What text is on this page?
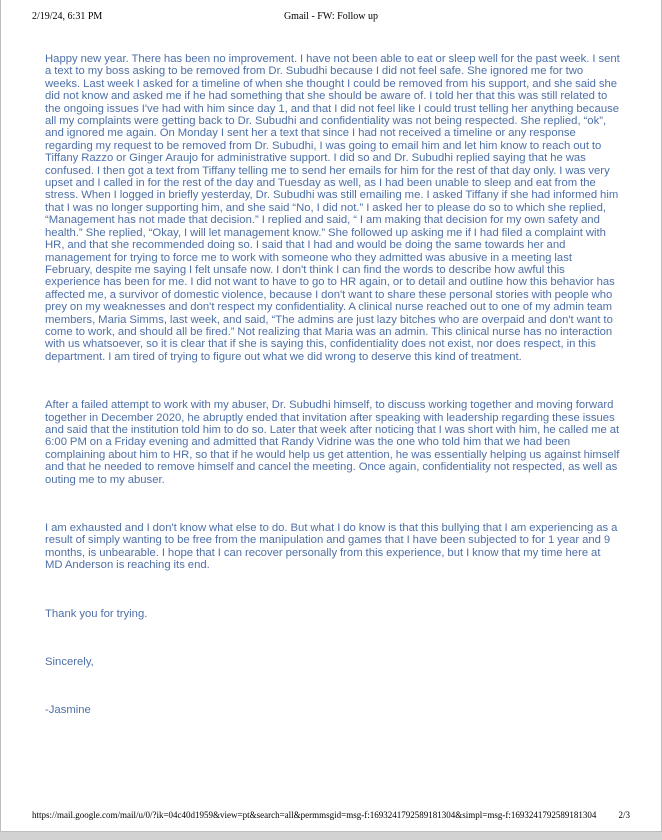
2/19/24, 6:31 PM	Gmail - FW: Follow up

Happy new year. There has been no improvement. I have not been able to eat or sleep well for the past week. I sent a text to my boss asking to be removed from Dr. Subudhi because I did not feel safe. She ignored me for two weeks. Last week I asked for a timeline of when she thought I could be removed from his support, and she said she did not know and asked me if he had something that she should be aware of. I told her that this was still related to the ongoing issues I've had with him since day 1, and that I did not feel like I could trust telling her anything because all my complaints were getting back to Dr. Subudhi and confidentiality was not being respected. She replied, “ok”, and ignored me again. On Monday I sent her a text that since I had not received a timeline or any response regarding my request to be removed from Dr. Subudhi, I was going to email him and let him know to reach out to Tiffany Razzo or Ginger Araujo for administrative support. I did so and Dr. Subudhi replied saying that he was confused. I then got a text from Tiffany telling me to send her emails for him for the rest of that day only. I was very upset and I called in for the rest of the day and Tuesday as well, as I had been unable to sleep and eat from the stress. When I logged in briefly yesterday, Dr. Subudhi was still emailing me. I asked Tiffany if she had informed him that I was no longer supporting him, and she said “No, I did not.” I asked her to please do so to which she replied, “Management has not made that decision.” I replied and said, “ I am making that decision for my own safety and health.” She replied, “Okay, I will let management know.” She followed up asking me if I had filed a complaint with HR, and that she recommended doing so. I said that I had and would be doing the same towards her and management for trying to force me to work with someone who they admitted was abusive in a meeting last February, despite me saying I felt unsafe now. I don't think I can find the words to describe how awful this experience has been for me. I did not want to have to go to HR again, or to detail and outline how this behavior has affected me, a survivor of domestic violence, because I don't want to share these personal stories with people who prey on my weaknesses and don't respect my confidentiality. A clinical nurse reached out to one of my admin team members, Maria Simms, last week, and said, “The admins are just lazy bitches who are overpaid and don't want to come to work, and should all be fired.” Not realizing that Maria was an admin. This clinical nurse has no interaction with us whatsoever, so it is clear that if she is saying this, confidentiality does not exist, nor does respect, in this department. I am tired of trying to figure out what we did wrong to deserve this kind of treatment.

After a failed attempt to work with my abuser, Dr. Subudhi himself, to discuss working together and moving forward together in December 2020, he abruptly ended that invitation after speaking with leadership regarding these issues and said that the institution told him to do so. Later that week after noticing that I was short with him, he called me at 6:00 PM on a Friday evening and admitted that Randy Vidrine was the one who told him that we had been complaining about him to HR, so that if he would help us get attention, he was essentially helping us against himself and that he needed to remove himself and cancel the meeting. Once again, confidentiality not respected, as well as outing me to my abuser.

I am exhausted and I don't know what else to do. But what I do know is that this bullying that I am experiencing as a result of simply wanting to be free from the manipulation and games that I have been subjected to for 1 year and 9 months, is unbearable. I hope that I can recover personally from this experience, but I know that my time here at MD Anderson is reaching its end.

Thank you for trying.

Sincerely,

-Jasmine

https://mail.google.com/mail/u/0/?ik=04c40d1959&view=pt&search=all&permmsgid=msg-f:1693241792589181304&simpl=msg-f:1693241792589181304 2/3
